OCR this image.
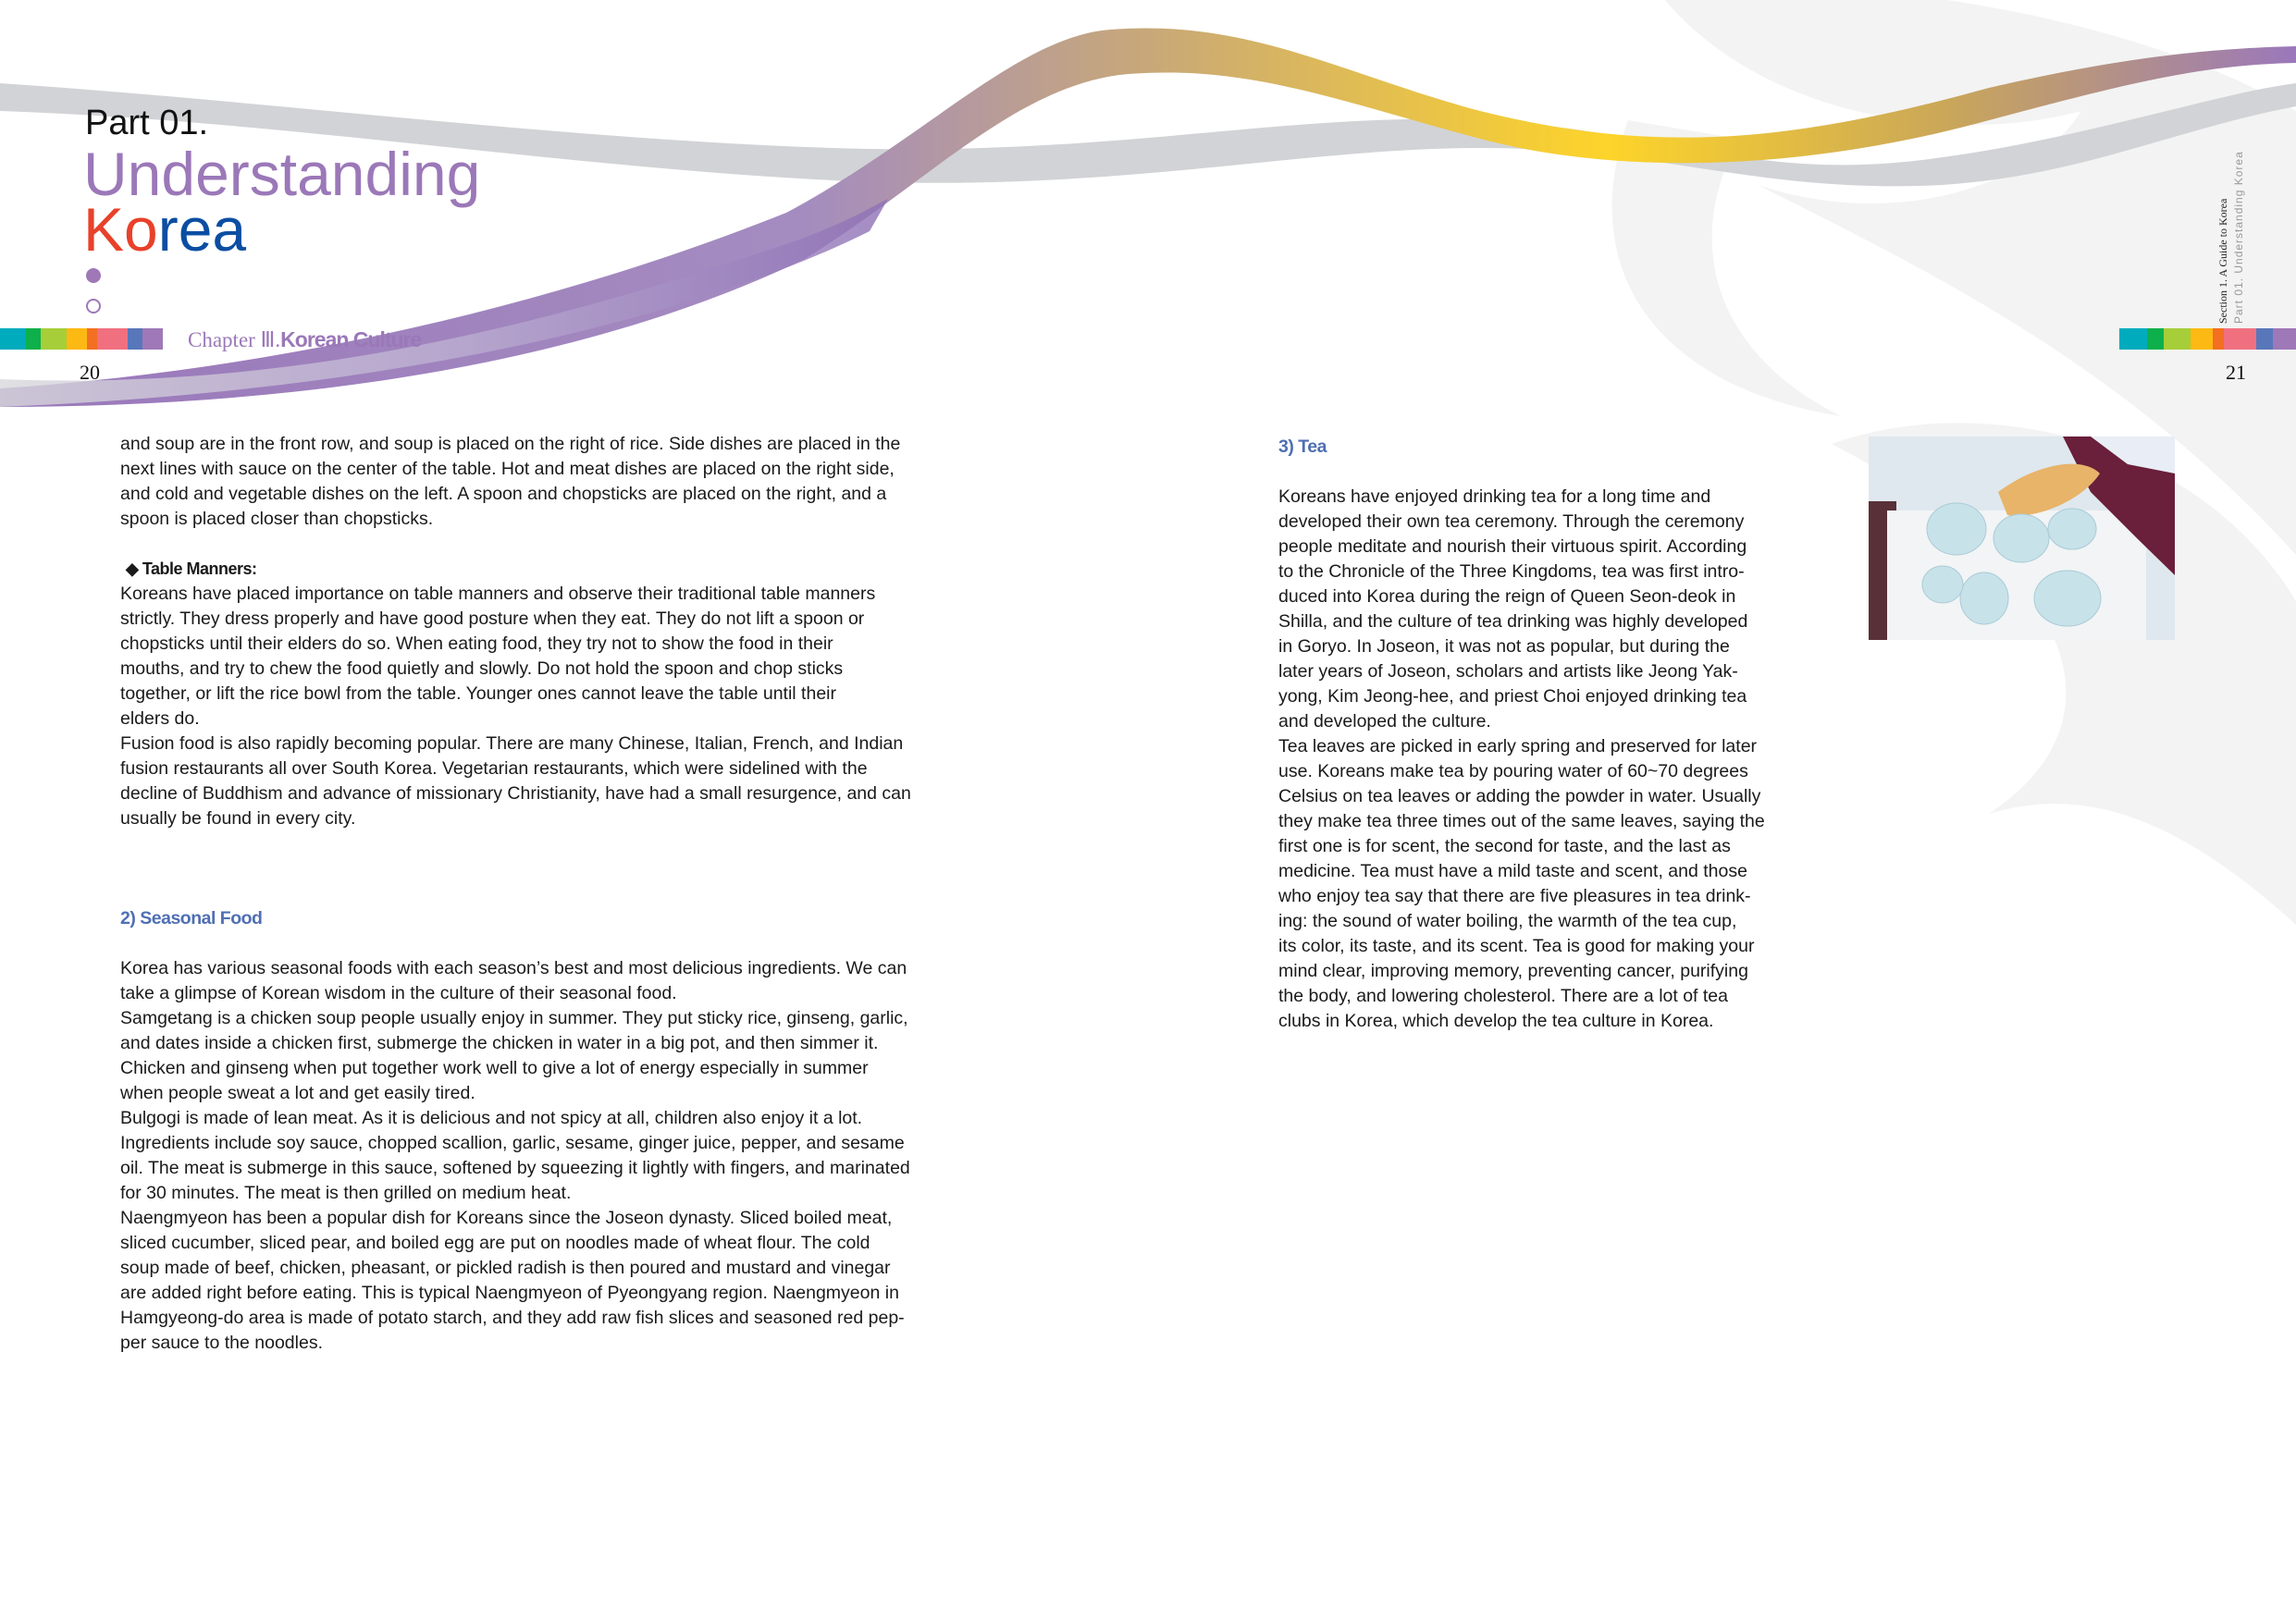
Part 01.
Understanding
Korea
Chapter Ⅲ.Korean Culture
20
Section 1. A Guide to Korea Part 01. Understanding Korea
21
and soup are in the front row, and soup is placed on the right of rice. Side dishes are placed in the
next lines with sauce on the center of the table. Hot and meat dishes are placed on the right side,
and cold and vegetable dishes on the left. A spoon and chopsticks are placed on the right, and a
spoon is placed closer than chopsticks.
◆ Table Manners:
Koreans have placed importance on table manners and observe their traditional table manners
strictly. They dress properly and have good posture when they eat. They do not lift a spoon or
chopsticks until their elders do so. When eating food, they try not to show the food in their
mouths, and try to chew the food quietly and slowly. Do not hold the spoon and chop sticks
together, or lift the rice bowl from the table. Younger ones cannot leave the table until their
elders do.
Fusion food is also rapidly becoming popular. There are many Chinese, Italian, French, and Indian
fusion restaurants all over South Korea. Vegetarian restaurants, which were sidelined with the
decline of Buddhism and advance of missionary Christianity, have had a small resurgence, and can
usually be found in every city.
2) Seasonal Food
Korea has various seasonal foods with each season’s best and most delicious ingredients. We can
take a glimpse of Korean wisdom in the culture of their seasonal food.
Samgetang is a chicken soup people usually enjoy in summer. They put sticky rice, ginseng, garlic,
and dates inside a chicken first, submerge the chicken in water in a big pot, and then simmer it.
Chicken and ginseng when put together work well to give a lot of energy especially in summer
when people sweat a lot and get easily tired.
Bulgogi is made of lean meat. As it is delicious and not spicy at all, children also enjoy it a lot.
Ingredients include soy sauce, chopped scallion, garlic, sesame, ginger juice, pepper, and sesame
oil. The meat is submerge in this sauce, softened by squeezing it lightly with fingers, and marinated
for 30 minutes. The meat is then grilled on medium heat.
Naengmyeon has been a popular dish for Koreans since the Joseon dynasty. Sliced boiled meat,
sliced cucumber, sliced pear, and boiled egg are put on noodles made of wheat flour. The cold
soup made of beef, chicken, pheasant, or pickled radish is then poured and mustard and vinegar
are added right before eating. This is typical Naengmyeon of Pyeongyang region. Naengmyeon in
Hamgyeong-do area is made of potato starch, and they add raw fish slices and seasoned red pep-
per sauce to the noodles.
3) Tea
Koreans have enjoyed drinking tea for a long time and
developed their own tea ceremony. Through the ceremony
people meditate and nourish their virtuous spirit. According
to the Chronicle of the Three Kingdoms, tea was first intro-
duced into Korea during the reign of Queen Seon-deok in
Shilla, and the culture of tea drinking was highly developed
in Goryo. In Joseon, it was not as popular, but during the
later years of Joseon, scholars and artists like Jeong Yak-
yong, Kim Jeong-hee, and priest Choi enjoyed drinking tea
and developed the culture.
Tea leaves are picked in early spring and preserved for later
use. Koreans make tea by pouring water of 60~70 degrees
Celsius on tea leaves or adding the powder in water. Usually
they make tea three times out of the same leaves, saying the
first one is for scent, the second for taste, and the last as
medicine. Tea must have a mild taste and scent, and those
who enjoy tea say that there are five pleasures in tea drink-
ing: the sound of water boiling, the warmth of the tea cup,
its color, its taste, and its scent. Tea is good for making your
mind clear, improving memory, preventing cancer, purifying
the body, and lowering cholesterol. There are a lot of tea
clubs in Korea, which develop the tea culture in Korea.
